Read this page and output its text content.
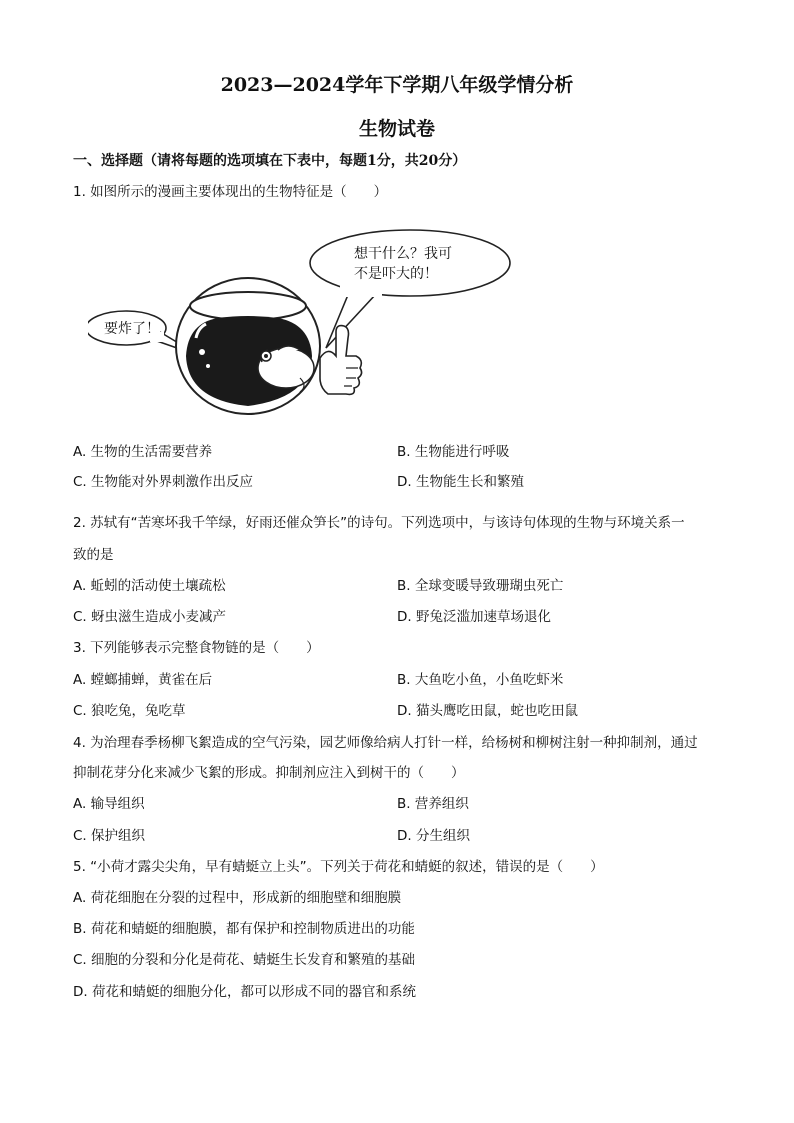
2023—2024学年下学期八年级学情分析
生物试卷
一、选择题（请将每题的选项填在下表中，每题1分，共20分）
1. 如图所示的漫画主要体现出的生物特征是（　　）
想干什么？我可
不是吓大的！
要炸了！
A. 生物的生活需要营养	B. 生物能进行呼吸
C. 生物能对外界刺激作出反应	D. 生物能生长和繁殖
2. 苏轼有“苦寒坏我千竿绿，好雨还催众笋长”的诗句。下列选项中，与该诗句体现的生物与环境关系一
致的是
A. 蚯蚓的活动使土壤疏松	B. 全球变暖导致珊瑚虫死亡
C. 蚜虫滋生造成小麦减产	D. 野兔泛滥加速草场退化
3. 下列能够表示完整食物链的是（　　）
A. 螳螂捕蝉，黄雀在后	B. 大鱼吃小鱼，小鱼吃虾米
C. 狼吃兔，兔吃草	D. 猫头鹰吃田鼠，蛇也吃田鼠
4. 为治理春季杨柳飞絮造成的空气污染，园艺师像给病人打针一样，给杨树和柳树注射一种抑制剂，通过
抑制花芽分化来减少飞絮的形成。抑制剂应注入到树干的（　　）
A. 输导组织	B. 营养组织
C. 保护组织	D. 分生组织
5. “小荷才露尖尖角，早有蜻蜓立上头”。下列关于荷花和蜻蜓的叙述，错误的是（　　）
A. 荷花细胞在分裂的过程中，形成新的细胞壁和细胞膜
B. 荷花和蜻蜓的细胞膜，都有保护和控制物质进出的功能
C. 细胞的分裂和分化是荷花、蜻蜓生长发育和繁殖的基础
D. 荷花和蜻蜓的细胞分化，都可以形成不同的器官和系统
